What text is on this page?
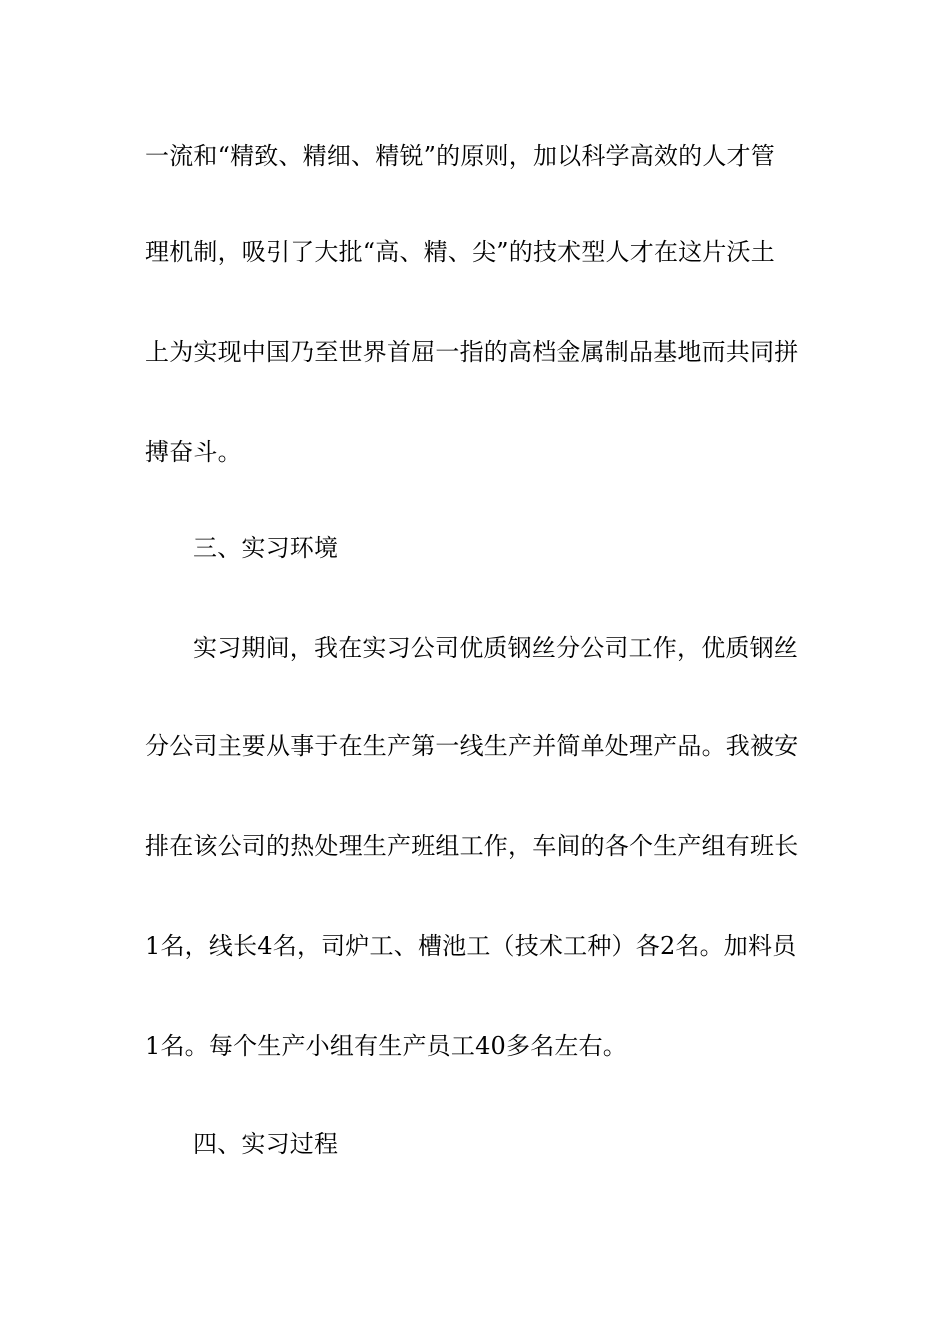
一流和“精致、精细、精锐”的原则，加以科学高效的人才管
理机制，吸引了大批“高、精、尖”的技术型人才在这片沃土
上为实现中国乃至世界首屈一指的高档金属制品基地而共同拼
搏奋斗。
三、实习环境
实习期间，我在实习公司优质钢丝分公司工作，优质钢丝
分公司主要从事于在生产第一线生产并简单处理产品。我被安
排在该公司的热处理生产班组工作，车间的各个生产组有班长
1名，线长4名，司炉工、槽池工（技术工种）各2名。加料员
1名。每个生产小组有生产员工40多名左右。
四、实习过程
